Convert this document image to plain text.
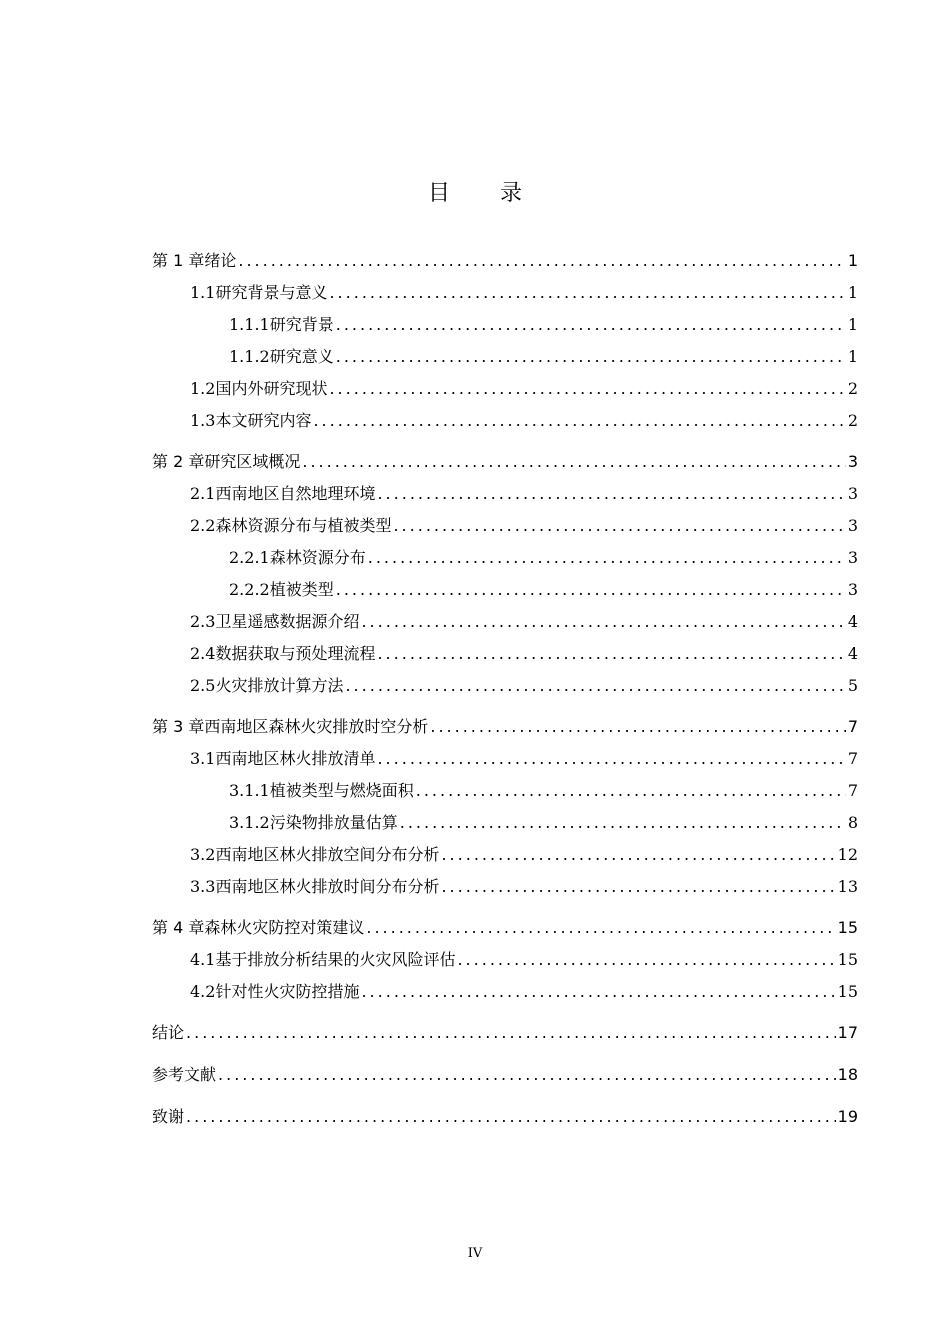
目 录
第 1 章 绪论 .....	1
1.1 研究背景与意义 .....	1
1.1.1 研究背景 .....	1
1.1.2 研究意义 .....	1
1.2 国内外研究现状 .....	2
1.3 本文研究内容 .....	2
第 2 章 研究区域概况 .....	3
2.1 西南地区自然地理环境 .....	3
2.2 森林资源分布与植被类型 .....	3
2.2.1 森林资源分布 .....	3
2.2.2 植被类型 .....	3
2.3 卫星遥感数据源介绍 .....	4
2.4 数据获取与预处理流程 .....	4
2.5 火灾排放计算方法 .....	5
第 3 章 西南地区森林火灾排放时空分析 .....	7
3.1 西南地区林火排放清单 .....	7
3.1.1 植被类型与燃烧面积 .....	7
3.1.2 污染物排放量估算 .....	8
3.2 西南地区林火排放空间分布分析 .....	12
3.3 西南地区林火排放时间分布分析 .....	13
第 4 章 森林火灾防控对策建议 .....	15
4.1 基于排放分析结果的火灾风险评估 .....	15
4.2 针对性火灾防控措施 .....	15
结论 .....	17
参考文献 .....	18
致谢 .....	19
IV
